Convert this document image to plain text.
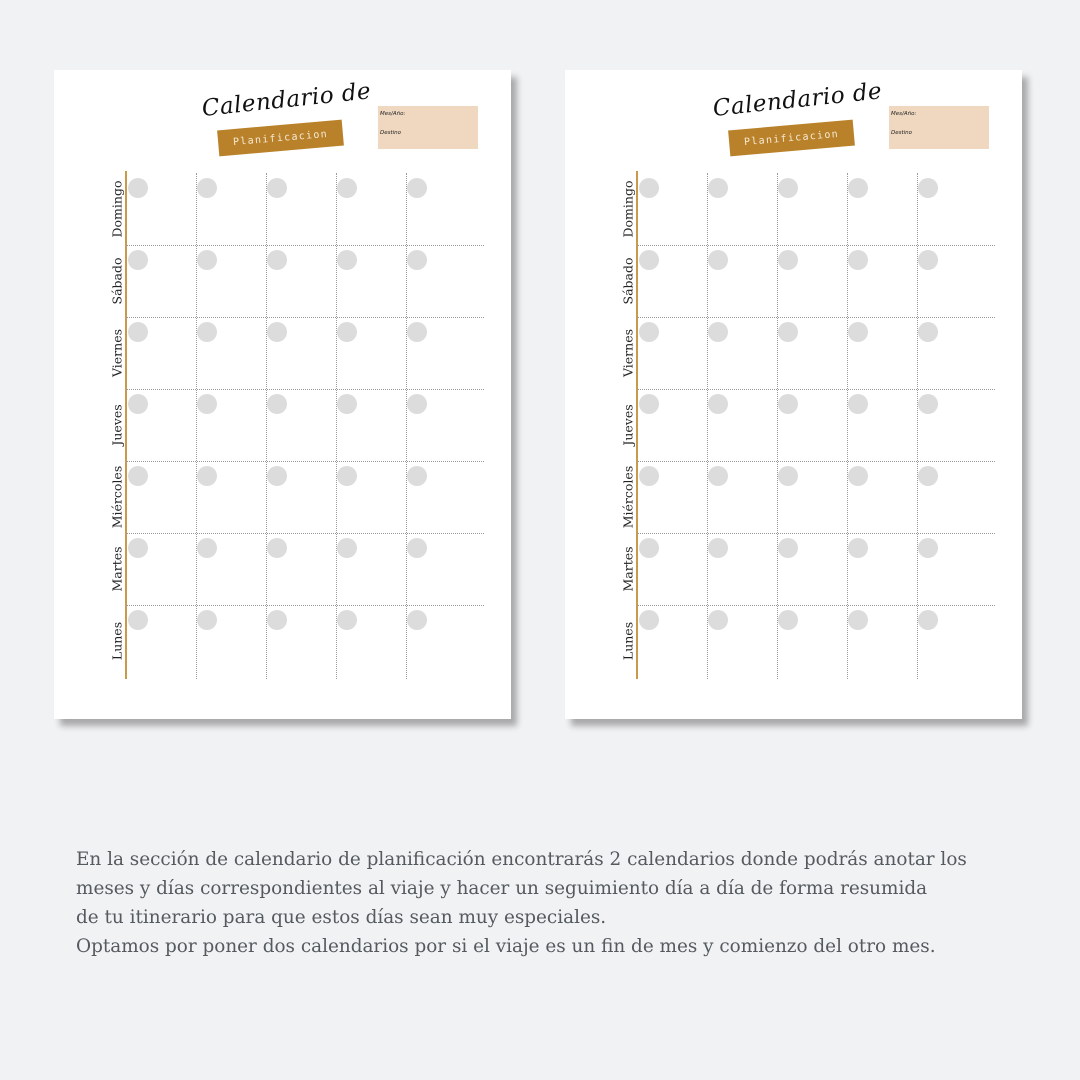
Calendario de
Planificacion
Mes/Año:
Destino
Domingo
Sábado
Viernes
Jueves
Miércoles
Martes
Lunes
Calendario de
Planificacion
Mes/Año:
Destino
Domingo
Sábado
Viernes
Jueves
Miércoles
Martes
Lunes
En la sección de calendario de planificación encontrarás 2 calendarios donde podrás anotar los
meses y días correspondientes al viaje y hacer un seguimiento día a día de forma resumida
de tu itinerario para que estos días sean muy especiales.
Optamos por poner dos calendarios por si el viaje es un fin de mes y comienzo del otro mes.
